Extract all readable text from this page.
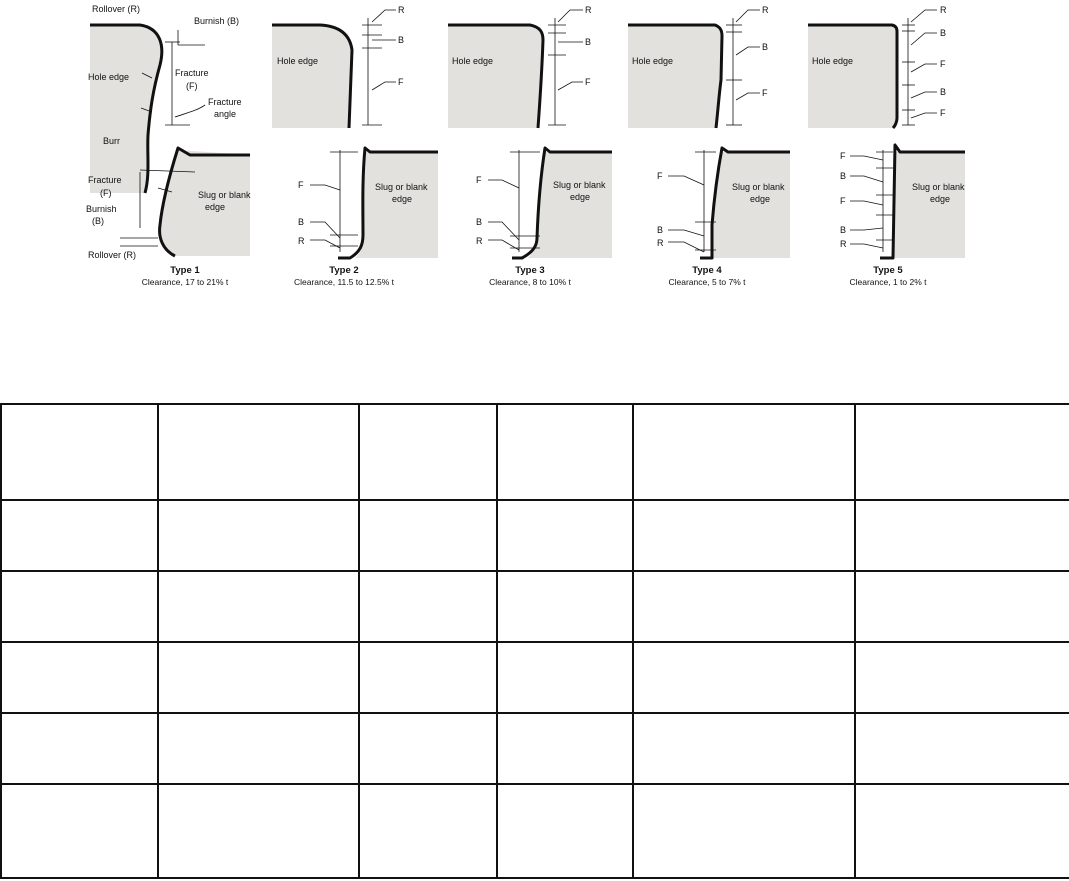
Rollover (R)
Burnish (B)
Hole edge	Fracture
(F)
Fracture
angle
Burr
Fracture
(F)
Burnish
(B)
Rollover (R)
Slug or blank
edge
Type 1
Clearance, 17 to 21% t
Hole edge
R
B
F
F
B
R
Slug or blank
edge
Type 2
Clearance, 11.5 to 12.5% t
Hole edge
R
B
F
F
B
R
Slug or blank
edge
Type 3
Clearance, 8 to 10% t
Hole edge
R
B
F
F
B
R
Slug or blank
edge
Type 4
Clearance, 5 to 7% t
Hole edge
R
B
F
B
F
F
B
F
B
R
Slug or blank
edge
Type 5
Clearance, 1 to 2% t
